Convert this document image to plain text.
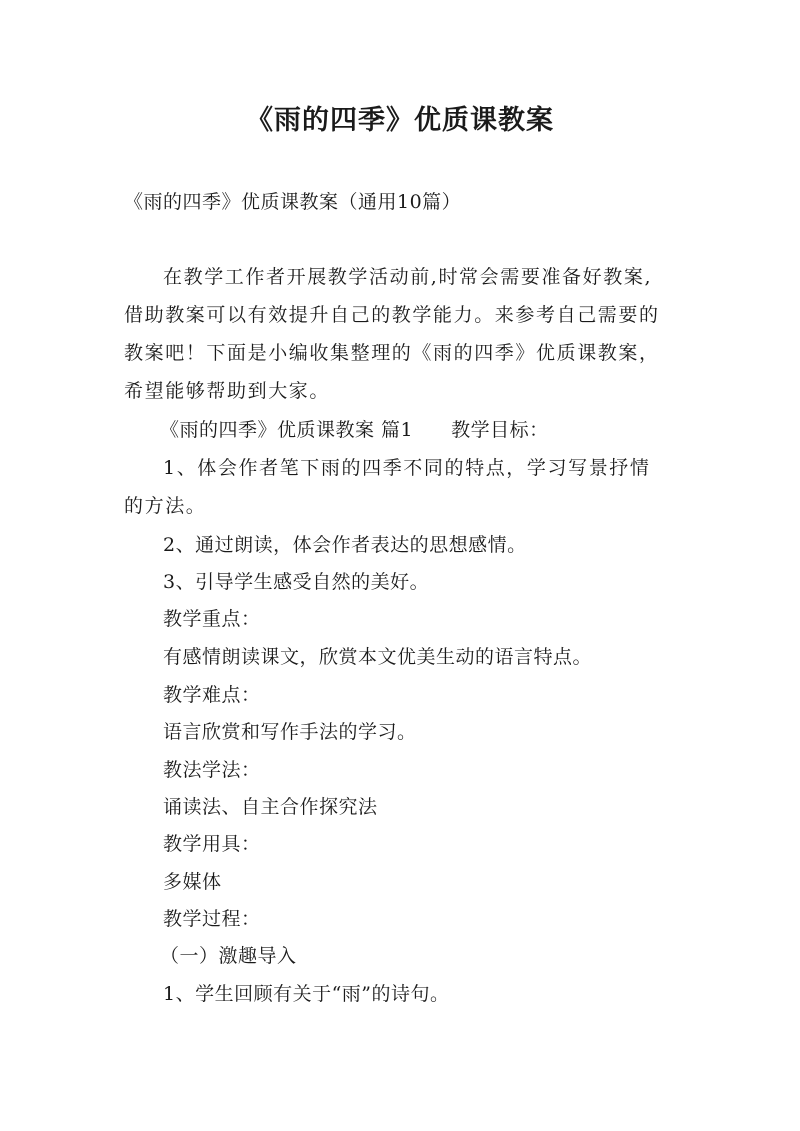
《雨的四季》优质课教案

《雨的四季》优质课教案（通用10篇）

在教学工作者开展教学活动前,时常会需要准备好教案,

借助教案可以有效提升自己的教学能力。来参考自己需要的

教案吧！下面是小编收集整理的《雨的四季》优质课教案，

希望能够帮助到大家。

《雨的四季》优质课教案 篇1 教学目标：

1、体会作者笔下雨的四季不同的特点，学习写景抒情

的方法。

2、通过朗读，体会作者表达的思想感情。

3、引导学生感受自然的美好。

教学重点：

有感情朗读课文，欣赏本文优美生动的语言特点。

教学难点：

语言欣赏和写作手法的学习。

教法学法：

诵读法、自主合作探究法

教学用具：

多媒体

教学过程：

（一）激趣导入

1、学生回顾有关于“雨”的诗句。
